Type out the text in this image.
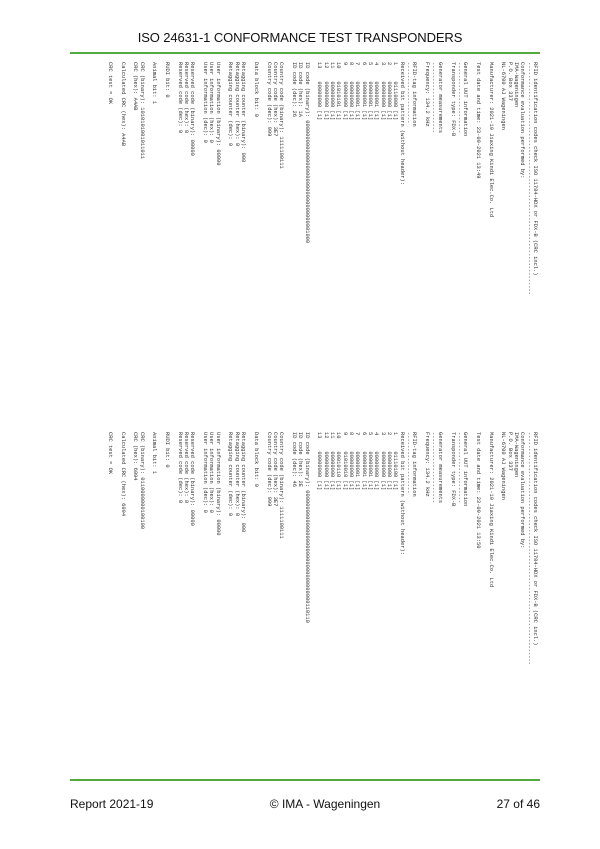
ISO 24631-1 CONFORMANCE TEST TRANSPONDERS
RFID identification codes check ISO 11784-HDX or FDX-B (CRC incl.)
------------------------------------------------------------------------
Conformance evaluation performed by:
IMA-Wageningen
P.O. Box 337
NL-6700 AJ Wageningen
Manufacturer: 2021-19 Jiaxing Kindi Elec.Co. Ltd
Test date and time: 23-09-2021 13:49
General UUT information
----------------------
Transponder type: FDX-B
Generator measurements
----------------------
Frequency: 134.2 kHz
RFID-tag information
-------------------
Received bit pattern (without header):
1     01110000 [1]
2     00000000 [1]
3     00000000 [1]
4     00000001 [1]
5     00000001 [1]
6     00000001 [1]
7     00000001 [1]
8     00000000 [1]
9     00000000 [1]
10    01010101 [1]
11    00000000 [1]
12    00000000 [1]
13    00000000 [1]
ID code (binary): 00000000000000000000000000000000001000
ID code (hex): 1A
ID code (dec): 26
Country code (binary): 1111100111
Country code (hex): 3E7
Country code (dec): 999
Data block bit: 0
Retagging counter (binary): 000
Retagging counter (hex): 0
Retagging counter (dec): 0
User information (binary): 00000
User information (hex): 0
User information (dec): 0
Reserved code (binary): 00000
Reserved code (hex): 0
Reserved code (dec): 0
RUDI bit: 0
Animal bit: 1
CRC (binary): 1010101001011011
CRC (hex): A4AB
Calculated CRC (hex): A4AB
CRC test = OK
RFID identification codes check ISO 11784-HDX or FDX-B (CRC incl.)
------------------------------------------------------------------------
Conformance evaluation performed by:
IMA-Wageningen
P.O. Box 337
NL-6700 AJ Wageningen
Manufacturer: 2021-19 Jiaxing Kindi Elec.Co. Ltd
Test date and time: 23-09-2021 13:50
General UUT information
----------------------
Transponder type: FDX-B
Generator measurements
----------------------
Frequency: 134.2 kHz
RFID-tag information
-------------------
Received bit pattern (without header):
1     01110100 [1]
2     00000000 [1]
3     00000000 [1]
4     00000000 [1]
5     00000001 [1]
6     00000001 [1]
7     00000001 [1]
8     00000000 [1]
9     01010010 [1]
10    00010110 [1]
11    00000000 [1]
12    00000000 [1]
13    00000000 [1]
ID code (binary): 00000000000000000000000000000000000110110
ID code (hex): 2E
ID code (dec): 46
Country code (binary): 1111100111
Country code (hex): 3E7
Country code (dec): 999
Data block bit: 0
Retagging counter (binary): 000
Retagging counter (hex): 0
Retagging counter (dec): 0
User information (binary): 00000
User information (hex): 0
User information (dec): 0
Reserved code (binary): 00000
Reserved code (hex): 0
Reserved code (dec): 0
RUDI bit: 0
Animal bit: 1
CRC (binary): 0110000000100100
CRC (hex): 6094
Calculated CRC (hex): 6094
CRC test = OK
Report 2021-19	© IMA - Wageningen	27 of 46
